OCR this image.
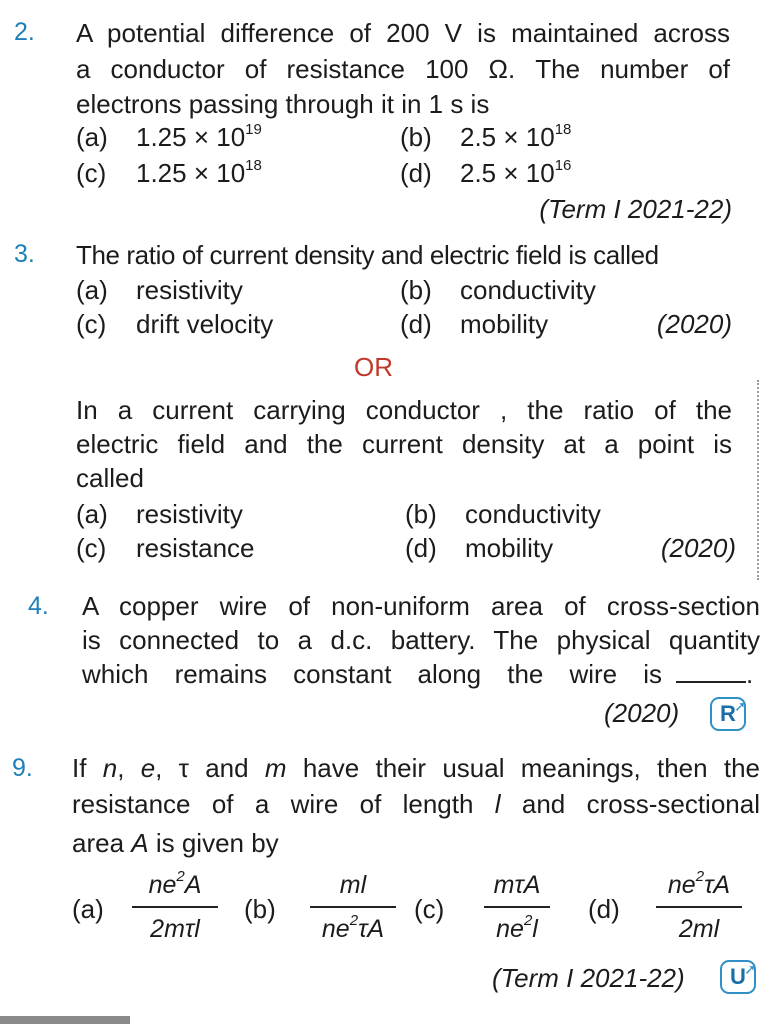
2. A potential difference of 200 V is maintained across
a conductor of resistance 100 Ω. The number of
electrons passing through it in 1 s is
(a) $1.25 \times 10^{19}$	(b) $2.5 \times 10^{18}$
(c) $1.25 \times 10^{18}$	(d) $2.5 \times 10^{16}$
(Term I 2021-22)
3. The ratio of current density and electric field is called
(a) resistivity	(b) conductivity
(c) drift velocity	(d) mobility	(2020)
OR
In a current carrying conductor , the ratio of the
electric field and the current density at a point is
called
(a) resistivity	(b) conductivity
(c) resistance	(d) mobility	(2020)
4. A copper wire of non-uniform area of cross-section
is connected to a d.c. battery. The physical quantity
which remains constant along the wire is	.
(2020)	R
➚
9. If n, e, τ and m have their usual meanings, then the
resistance of a wire of length l and cross-sectional
area A is given by
(a)
$ne^2A$
2mτl
(b)
ml
$ne^2\tau A$
(c)
mτA
$ne^2l$
(d)
$ne^2\tau A$
2ml
(Term I 2021-22)	U
➚
